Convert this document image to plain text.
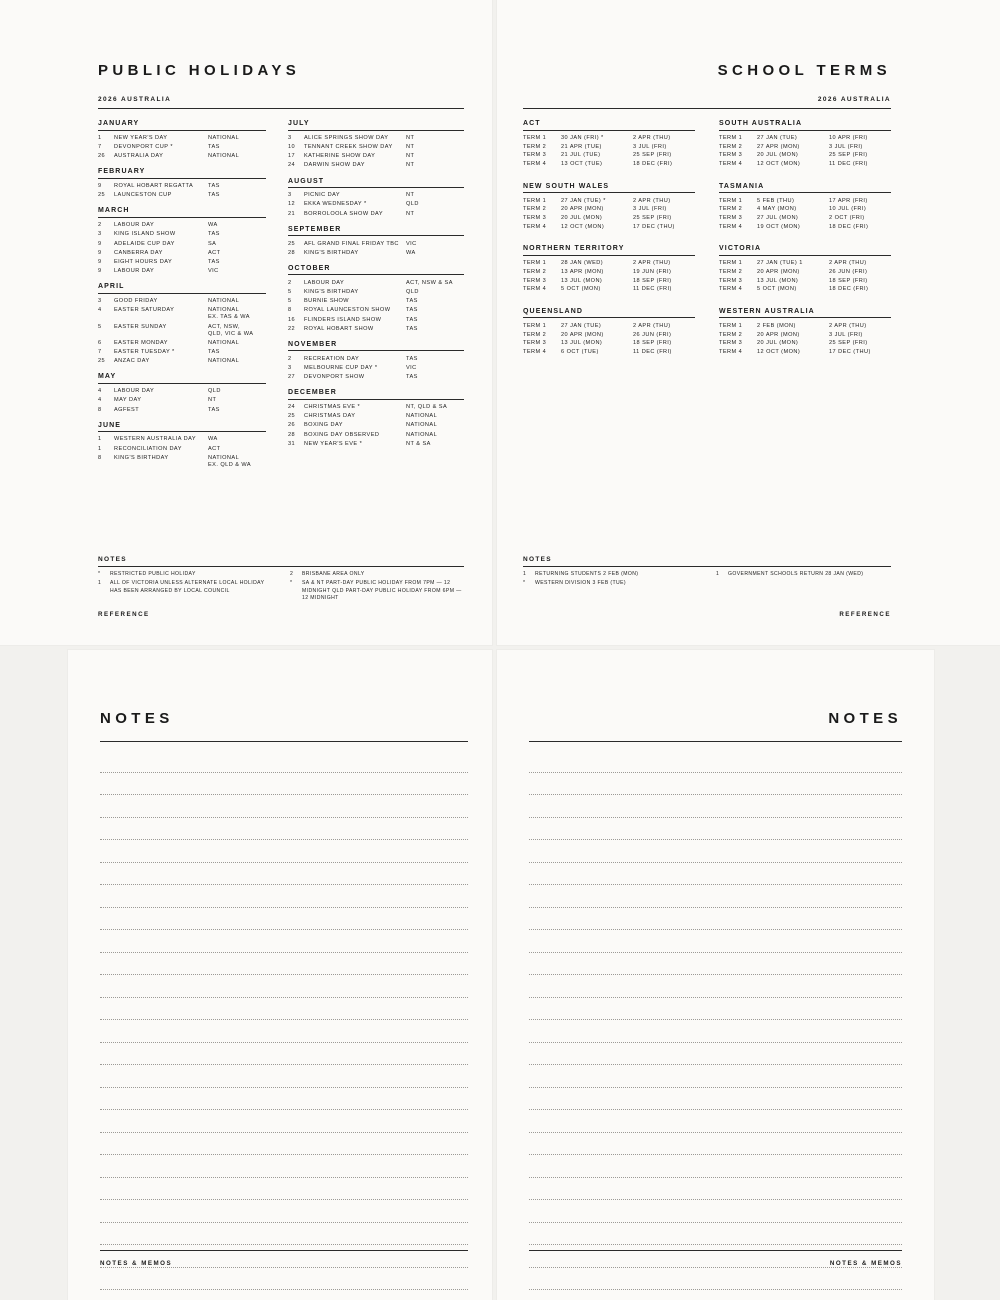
PUBLIC HOLIDAYS
2026 AUSTRALIA
JANUARY
1	NEW YEAR'S DAY	NATIONAL
7	DEVONPORT CUP *	TAS
26	AUSTRALIA DAY	NATIONAL
FEBRUARY
9	ROYAL HOBART REGATTA	TAS
25	LAUNCESTON CUP	TAS
MARCH
2	LABOUR DAY	WA
3	KING ISLAND SHOW	TAS
9	ADELAIDE CUP DAY	SA
9	CANBERRA DAY	ACT
9	EIGHT HOURS DAY	TAS
9	LABOUR DAY	VIC
APRIL
3	GOOD FRIDAY	NATIONAL
4	EASTER SATURDAY	NATIONAL
EX. TAS & WA
5	EASTER SUNDAY	ACT, NSW,
QLD, VIC & WA
6	EASTER MONDAY	NATIONAL
7	EASTER TUESDAY *	TAS
25	ANZAC DAY	NATIONAL
MAY
4	LABOUR DAY	QLD
4	MAY DAY	NT
8	AGFEST	TAS
JUNE
1	WESTERN AUSTRALIA DAY	WA
1	RECONCILIATION DAY	ACT
8	KING'S BIRTHDAY	NATIONAL
EX. QLD & WA
JULY
3	ALICE SPRINGS SHOW DAY	NT
10	TENNANT CREEK SHOW DAY	NT
17	KATHERINE SHOW DAY	NT
24	DARWIN SHOW DAY	NT
AUGUST
3	PICNIC DAY	NT
12	EKKA WEDNESDAY *	QLD
21	BORROLOOLA SHOW DAY	NT
SEPTEMBER
25	AFL GRAND FINAL FRIDAY TBC	VIC
28	KING'S BIRTHDAY	WA
OCTOBER
2	LABOUR DAY	ACT, NSW & SA
5	KING'S BIRTHDAY	QLD
5	BURNIE SHOW	TAS
8	ROYAL LAUNCESTON SHOW	TAS
16	FLINDERS ISLAND SHOW	TAS
22	ROYAL HOBART SHOW	TAS
NOVEMBER
2	RECREATION DAY	TAS
3	MELBOURNE CUP DAY *	VIC
27	DEVONPORT SHOW	TAS
DECEMBER
24	CHRISTMAS EVE *	NT, QLD & SA
25	CHRISTMAS DAY	NATIONAL
26	BOXING DAY	NATIONAL
28	BOXING DAY OBSERVED	NATIONAL
31	NEW YEAR'S EVE *	NT & SA
NOTES
*	RESTRICTED PUBLIC HOLIDAY
1	ALL OF VICTORIA UNLESS ALTERNATE LOCAL HOLIDAY HAS BEEN ARRANGED BY LOCAL COUNCIL
2	BRISBANE AREA ONLY
*	SA & NT PART-DAY PUBLIC HOLIDAY FROM 7PM — 12 MIDNIGHT QLD PART-DAY PUBLIC HOLIDAY FROM 6PM — 12 MIDNIGHT
REFERENCE
SCHOOL TERMS
2026 AUSTRALIA
ACT
TERM 1	30 JAN (FRI) *	2 APR (THU)
TERM 2	21 APR (TUE)	3 JUL (FRI)
TERM 3	21 JUL (TUE)	25 SEP (FRI)
TERM 4	13 OCT (TUE)	18 DEC (FRI)
NEW SOUTH WALES
TERM 1	27 JAN (TUE) *	2 APR (THU)
TERM 2	20 APR (MON)	3 JUL (FRI)
TERM 3	20 JUL (MON)	25 SEP (FRI)
TERM 4	12 OCT (MON)	17 DEC (THU)
NORTHERN TERRITORY
TERM 1	28 JAN (WED)	2 APR (THU)
TERM 2	13 APR (MON)	19 JUN (FRI)
TERM 3	13 JUL (MON)	18 SEP (FRI)
TERM 4	5 OCT (MON)	11 DEC (FRI)
QUEENSLAND
TERM 1	27 JAN (TUE)	2 APR (THU)
TERM 2	20 APR (MON)	26 JUN (FRI)
TERM 3	13 JUL (MON)	18 SEP (FRI)
TERM 4	6 OCT (TUE)	11 DEC (FRI)
SOUTH AUSTRALIA
TERM 1	27 JAN (TUE)	10 APR (FRI)
TERM 2	27 APR (MON)	3 JUL (FRI)
TERM 3	20 JUL (MON)	25 SEP (FRI)
TERM 4	12 OCT (MON)	11 DEC (FRI)
TASMANIA
TERM 1	5 FEB (THU)	17 APR (FRI)
TERM 2	4 MAY (MON)	10 JUL (FRI)
TERM 3	27 JUL (MON)	2 OCT (FRI)
TERM 4	19 OCT (MON)	18 DEC (FRI)
VICTORIA
TERM 1	27 JAN (TUE) 1	2 APR (THU)
TERM 2	20 APR (MON)	26 JUN (FRI)
TERM 3	13 JUL (MON)	18 SEP (FRI)
TERM 4	5 OCT (MON)	18 DEC (FRI)
WESTERN AUSTRALIA
TERM 1	2 FEB (MON)	2 APR (THU)
TERM 2	20 APR (MON)	3 JUL (FRI)
TERM 3	20 JUL (MON)	25 SEP (FRI)
TERM 4	12 OCT (MON)	17 DEC (THU)
NOTES
1	RETURNING STUDENTS 2 FEB (MON)
*	WESTERN DIVISION 3 FEB (TUE)
1	GOVERNMENT SCHOOLS RETURN 28 JAN (WED)
REFERENCE
NOTES
NOTES & MEMOS
NOTES
NOTES & MEMOS
